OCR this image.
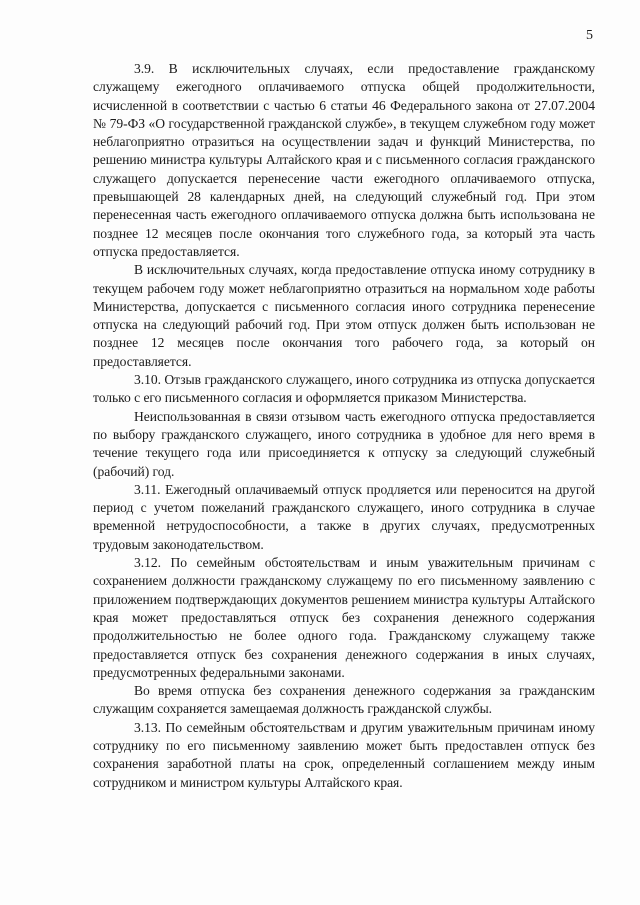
5

3.9. В исключительных случаях, если предоставление гражданскому служащему ежегодного оплачиваемого отпуска общей продолжительности, исчисленной в соответствии с частью 6 статьи 46 Федерального закона от 27.07.2004 № 79-ФЗ «О государственной гражданской службе», в текущем служебном году может неблагоприятно отразиться на осуществлении задач и функций Министерства, по решению министра культуры Алтайского края и с письменного согласия гражданского служащего допускается перенесение части ежегодного оплачиваемого отпуска, превышающей 28 календарных дней, на следующий служебный год. При этом перенесенная часть ежегодного оплачиваемого отпуска должна быть использована не позднее 12 месяцев после окончания того служебного года, за который эта часть отпуска предоставляется.

В исключительных случаях, когда предоставление отпуска иному сотруднику в текущем рабочем году может неблагоприятно отразиться на нормальном ходе работы Министерства, допускается с письменного согласия иного сотрудника перенесение отпуска на следующий рабочий год. При этом отпуск должен быть использован не позднее 12 месяцев после окончания того рабочего года, за который он предоставляется.

3.10. Отзыв гражданского служащего, иного сотрудника из отпуска допускается только с его письменного согласия и оформляется приказом Министерства.

Неиспользованная в связи отзывом часть ежегодного отпуска предоставляется по выбору гражданского служащего, иного сотрудника в удобное для него время в течение текущего года или присоединяется к отпуску за следующий служебный (рабочий) год.

3.11. Ежегодный оплачиваемый отпуск продляется или переносится на другой период с учетом пожеланий гражданского служащего, иного сотрудника в случае временной нетрудоспособности, а также в других случаях, предусмотренных трудовым законодательством.

3.12. По семейным обстоятельствам и иным уважительным причинам с сохранением должности гражданскому служащему по его письменному заявлению с приложением подтверждающих документов решением министра культуры Алтайского края может предоставляться отпуск без сохранения денежного содержания продолжительностью не более одного года. Гражданскому служащему также предоставляется отпуск без сохранения денежного содержания в иных случаях, предусмотренных федеральными законами.

Во время отпуска без сохранения денежного содержания за гражданским служащим сохраняется замещаемая должность гражданской службы.

3.13. По семейным обстоятельствам и другим уважительным причинам иному сотруднику по его письменному заявлению может быть предоставлен отпуск без сохранения заработной платы на срок, определенный соглашением между иным сотрудником и министром культуры Алтайского края.
